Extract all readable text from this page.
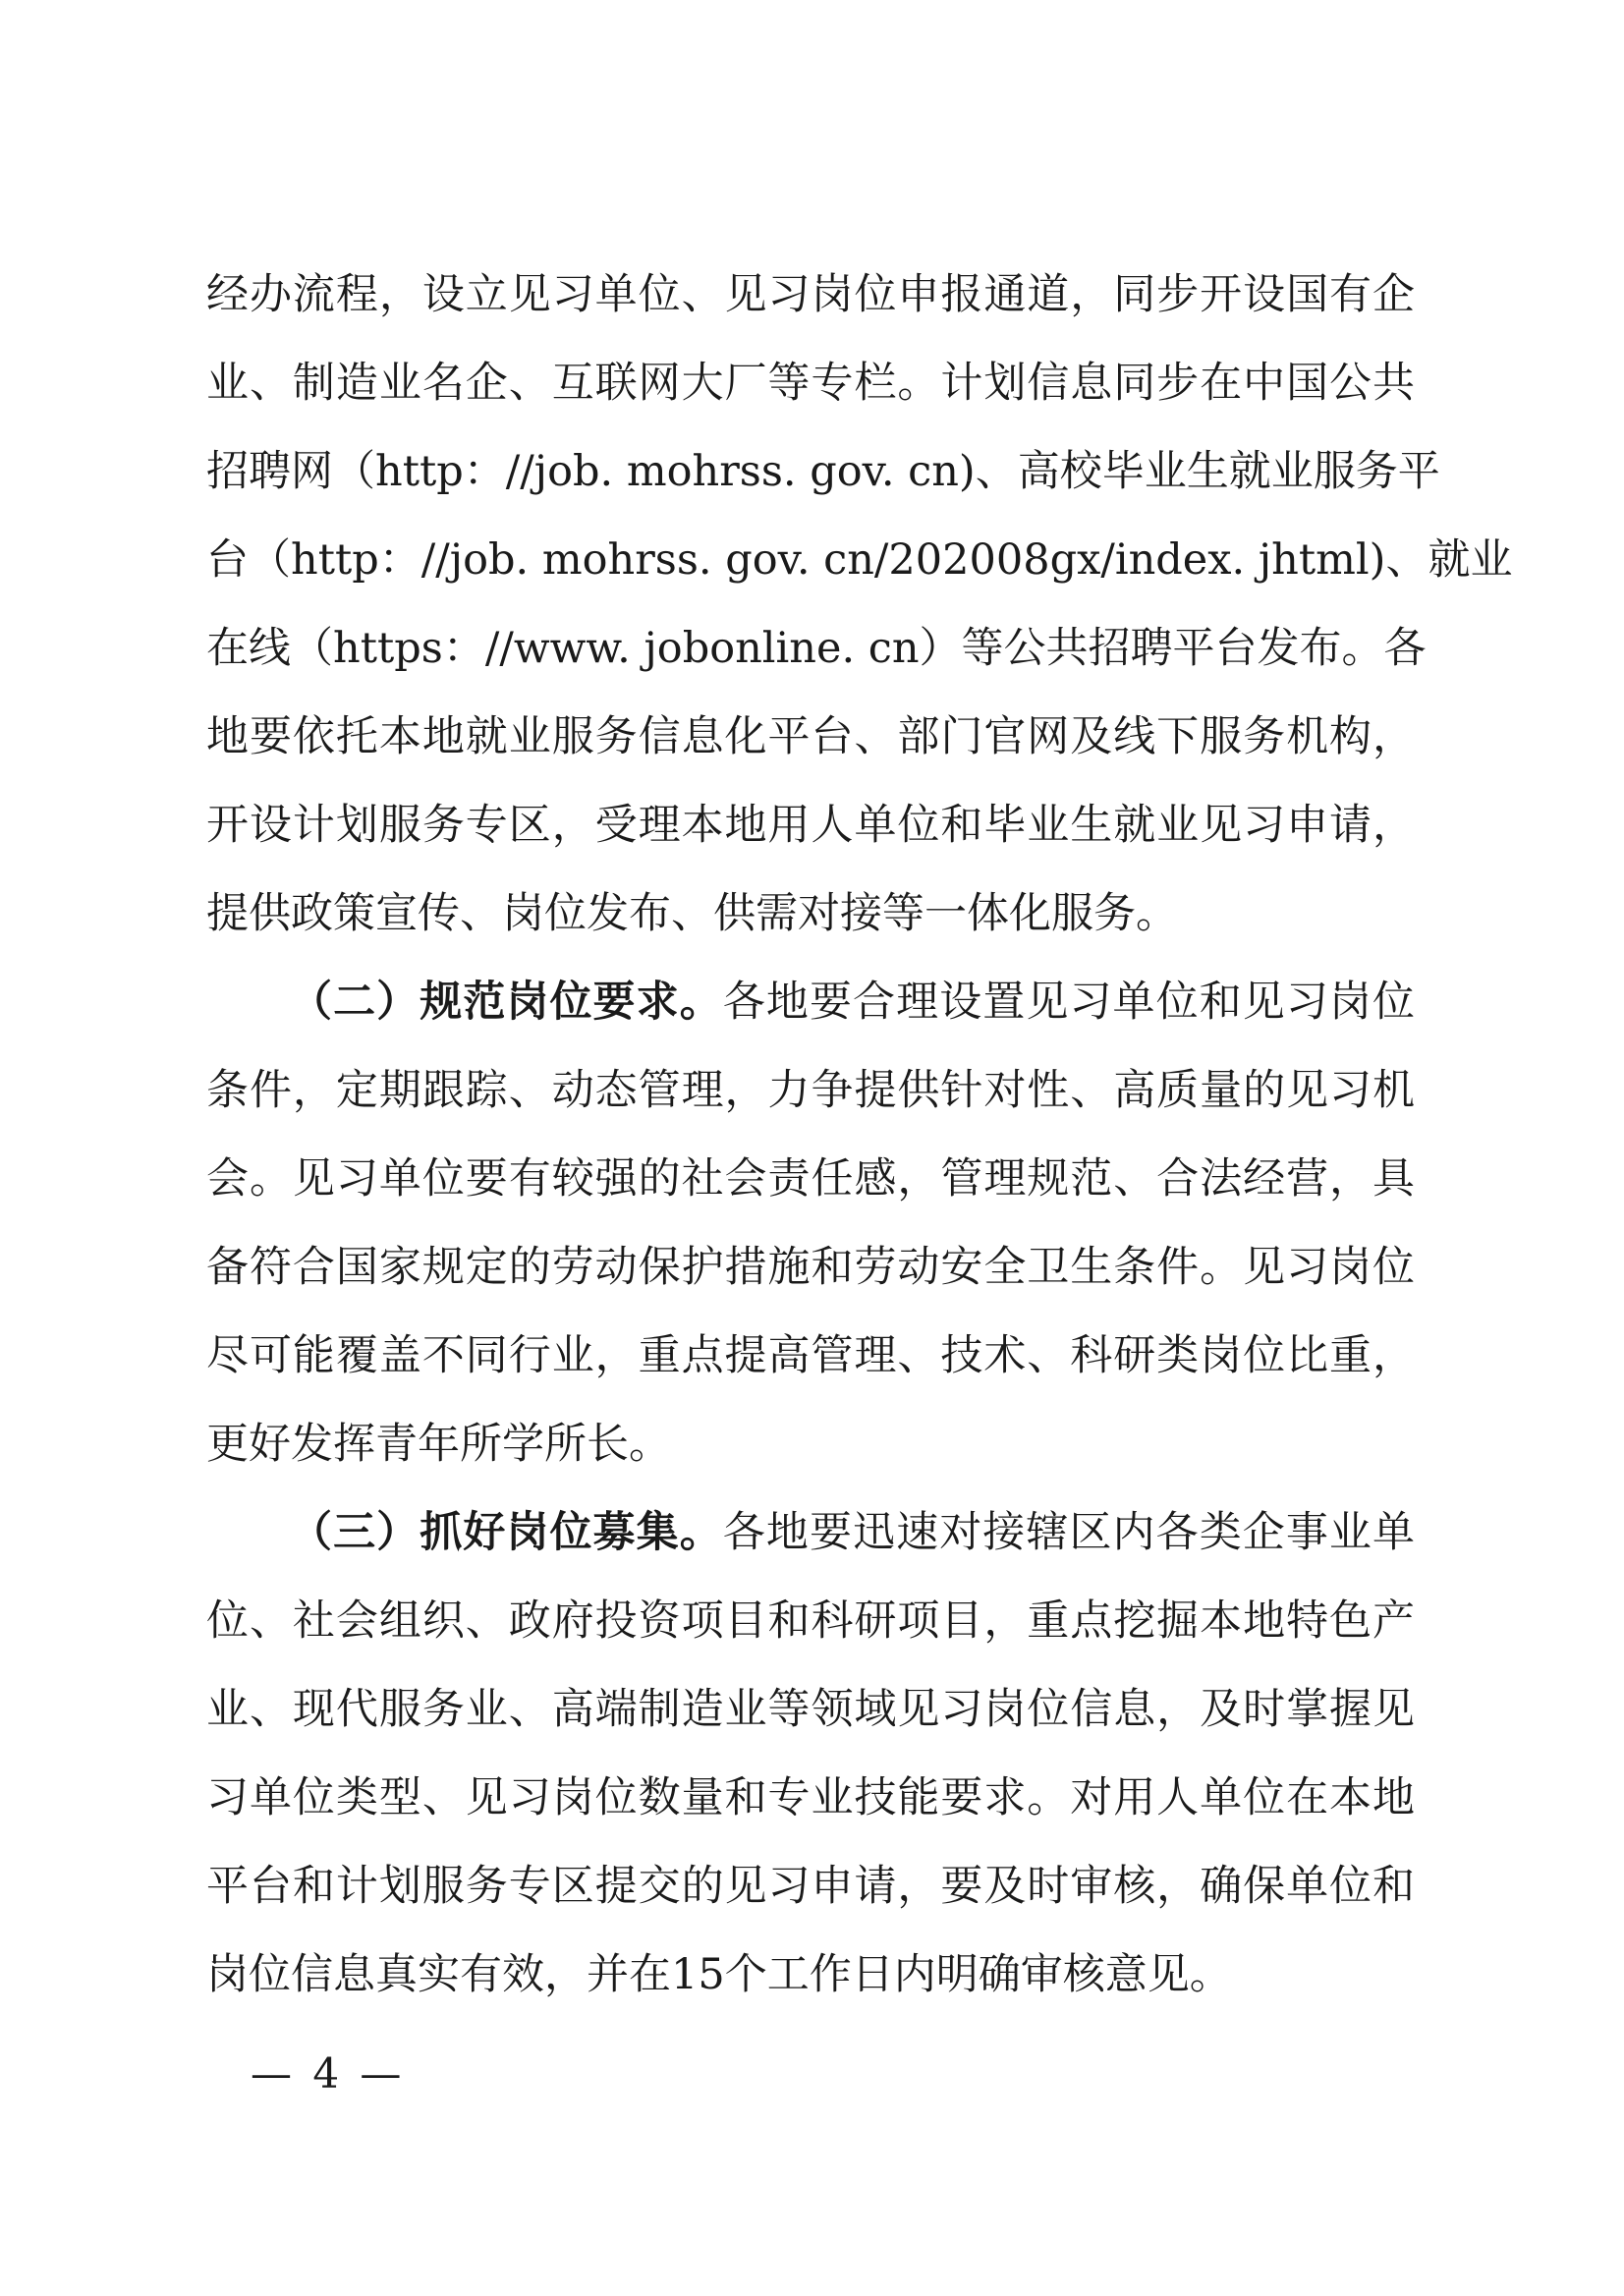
经办流程，设立见习单位、见习岗位申报通道，同步开设国有企
业、制造业名企、互联网大厂等专栏。计划信息同步在中国公共
招聘网（http：//job. mohrss. gov. cn)、高校毕业生就业服务平
台（http：//job. mohrss. gov. cn/202008gx/index. jhtml)、就业
在线（https：//www. jobonline. cn）等公共招聘平台发布。各
地要依托本地就业服务信息化平台、部门官网及线下服务机构，
开设计划服务专区，受理本地用人单位和毕业生就业见习申请，
提供政策宣传、岗位发布、供需对接等一体化服务。
（二）规范岗位要求。各地要合理设置见习单位和见习岗位
条件，定期跟踪、动态管理，力争提供针对性、高质量的见习机
会。见习单位要有较强的社会责任感，管理规范、合法经营，具
备符合国家规定的劳动保护措施和劳动安全卫生条件。见习岗位
尽可能覆盖不同行业，重点提高管理、技术、科研类岗位比重，
更好发挥青年所学所长。
（三）抓好岗位募集。各地要迅速对接辖区内各类企事业单
位、社会组织、政府投资项目和科研项目，重点挖掘本地特色产
业、现代服务业、高端制造业等领域见习岗位信息，及时掌握见
习单位类型、见习岗位数量和专业技能要求。对用人单位在本地
平台和计划服务专区提交的见习申请，要及时审核，确保单位和
岗位信息真实有效，并在15个工作日内明确审核意见。
— 4 —
